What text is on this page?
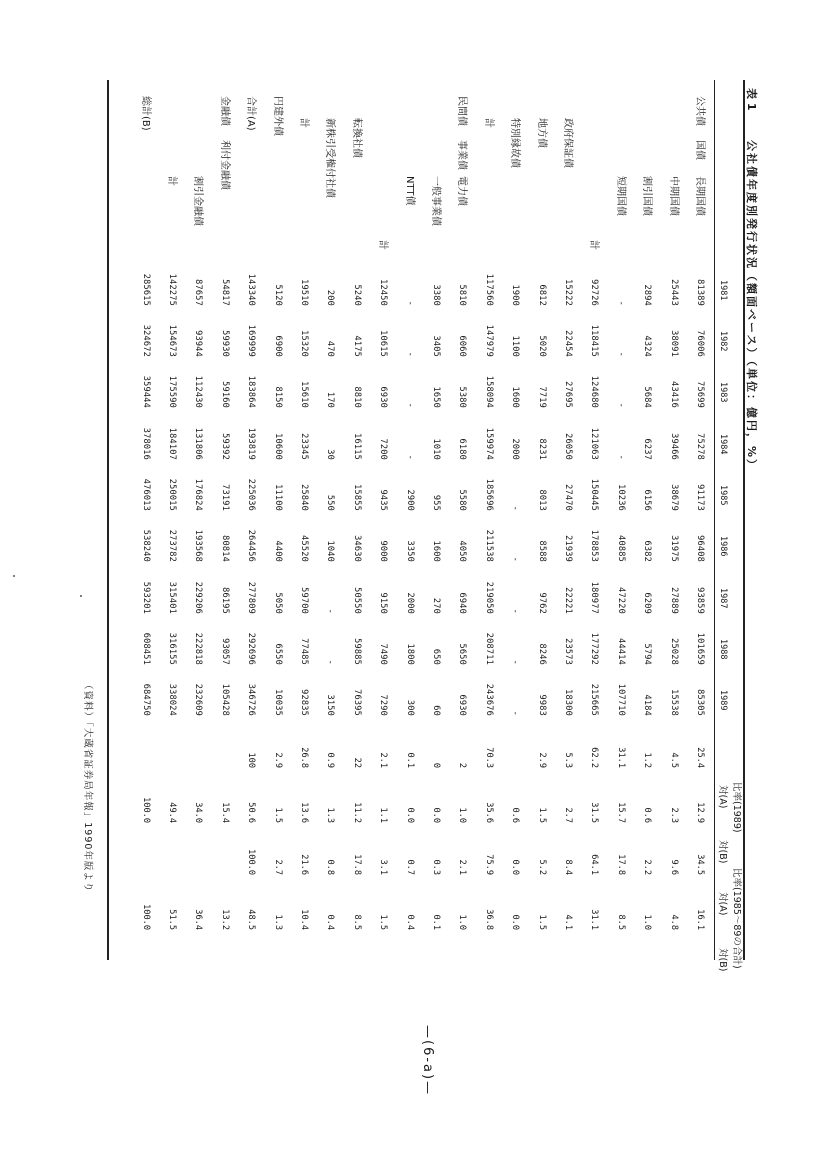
表 1
公社債年度別発行状況（額面ベース）（単位：億円，%）
1981
1982
1983
1984
1985
1986
1987
1988
1989
比率(1989)
比率(1985～89の合計)
対(A)
対(B)
対(A)
対(B)
公共債
国債
長期国債
81389
76006
75699
75278
91173
96408
93859
101659
85305
25.4
12.9
34.5
16.1
中期国債
25443
38091
43416
39466
38679
31975
27889
25028
15538
4.5
2.3
9.6
4.8
割引国債
2894
4324
5684
6237
6156
6382
6209
5794
4184
1.2
0.6
2.2
1.0
短期国債
-
-
-
-
10236
40885
47220
44414
107710
31.1
15.7
17.8
8.5
計
92726
118415
124680
121063
150445
178853
180977
177292
215665
62.2
31.5
64.1
31.1
政府保証債
15222
22454
27695
26050
27470
21939
22221
23573
18300
5.3
2.7
8.4
4.1
地方債
6812
5020
7719
8231
8013
8588
9762
8246
9983
2.9
1.5
5.2
1.5
特別縁故債
1900
1100
1600
2000
-
-
-
-
-
0.6
0.0
0.0
計
117560
147979
158094
159974
185696
211538
219050
208711
243676
70.3
35.6
75.9
36.8
民間債
事業債
電力債
5810
6060
5380
6180
5580
4050
6940
5650
6930
2
1.0
2.1
1.0
一般事業債
3380
3405
1650
1010
955
1600
270
650
60
0
0.0
0.3
0.1
NTT債
-
-
-
-
2900
3350
2000
1800
300
0.1
0.0
0.7
0.4
計
12450
10615
6930
7200
9435
9000
9150
7490
7290
2.1
1.1
3.1
1.5
転換社債
5240
4175
8810
16115
15855
34630
50550
59885
76395
22
11.2
17.8
8.5
新株引受権付社債
200
470
170
30
550
1040
-
-
3150
0.9
1.3
0.8
0.4
計
19510
15320
15610
23345
25840
45520
59700
77485
92835
26.8
13.6
21.6
10.4
円建外債
5120
6900
8150
10600
11100
4400
5050
6550
10035
2.9
1.5
2.7
1.3
合計(A)
143340
169999
183864
193819
225036
264456
277809
292696
346726
100
50.6
100.0
48.5
金融債
利付金融債
54817
59930
59160
59392
73191
80814
86195
93057
105428
15.4
13.2
割引金融債
87657
93944
112430
131806
176824
193568
229206
222818
232609
34.0
36.4
計
142275
154673
175590
184107
250015
273782
315401
316155
338024
49.4
51.5
総計(B)
285615
324672
359444
378016
476013
538240
593201
608451
684750
100.0
100.0
（資料）「大蔵省証券局年報」1990年版より
—(6-a)—
